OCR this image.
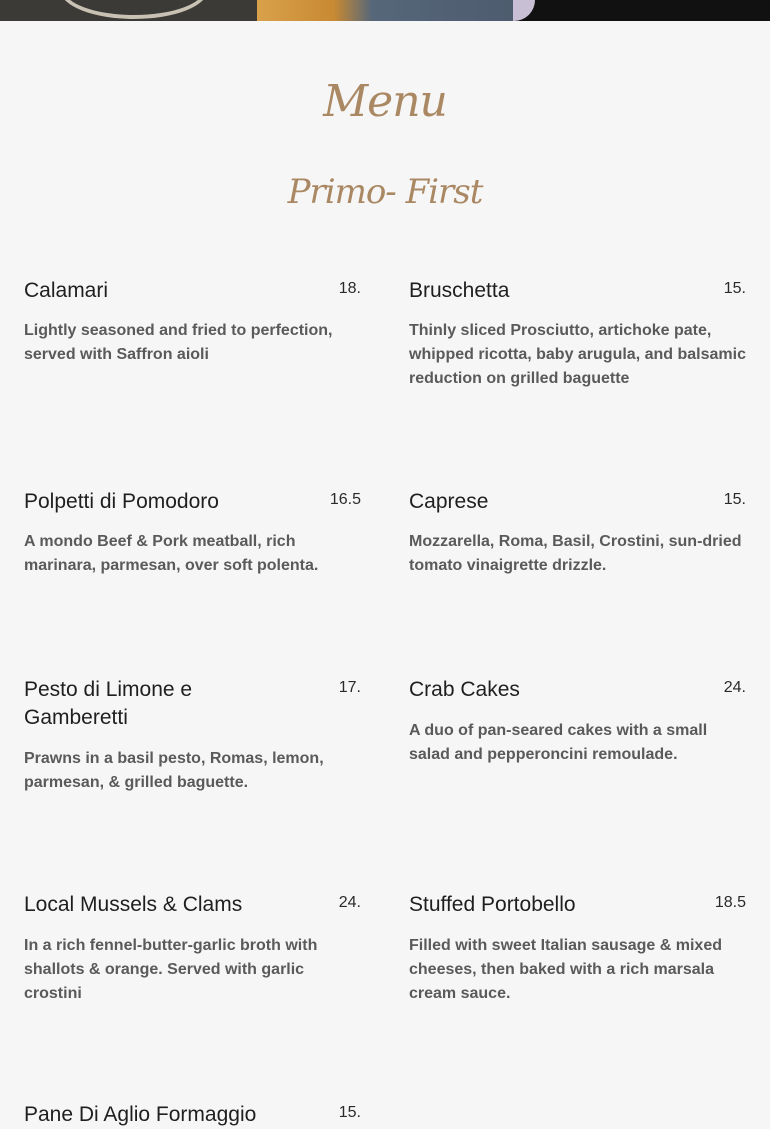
Menu
Primo- First
Calamari	18.

Lightly seasoned and fried to perfection, served with Saffron aioli

Bruschetta	15.

Thinly sliced Prosciutto, artichoke pate, whipped ricotta, baby arugula, and balsamic reduction on grilled baguette

Polpetti di Pomodoro	16.5

A mondo Beef & Pork meatball, rich marinara, parmesan, over soft polenta.

Caprese	15.

Mozzarella, Roma, Basil, Crostini, sun-dried tomato vinaigrette drizzle.

Pesto di Limone e Gamberetti
17.

Prawns in a basil pesto, Romas, lemon, parmesan, & grilled baguette.

Crab Cakes	24.

A duo of pan-seared cakes with a small salad and pepperoncini remoulade.

Local Mussels & Clams	24.

In a rich fennel-butter-garlic broth with shallots & orange. Served with garlic crostini

Stuffed Portobello	18.5

Filled with sweet Italian sausage & mixed cheeses, then baked with a rich marsala cream sauce.

Pane Di Aglio Formaggio	15.
